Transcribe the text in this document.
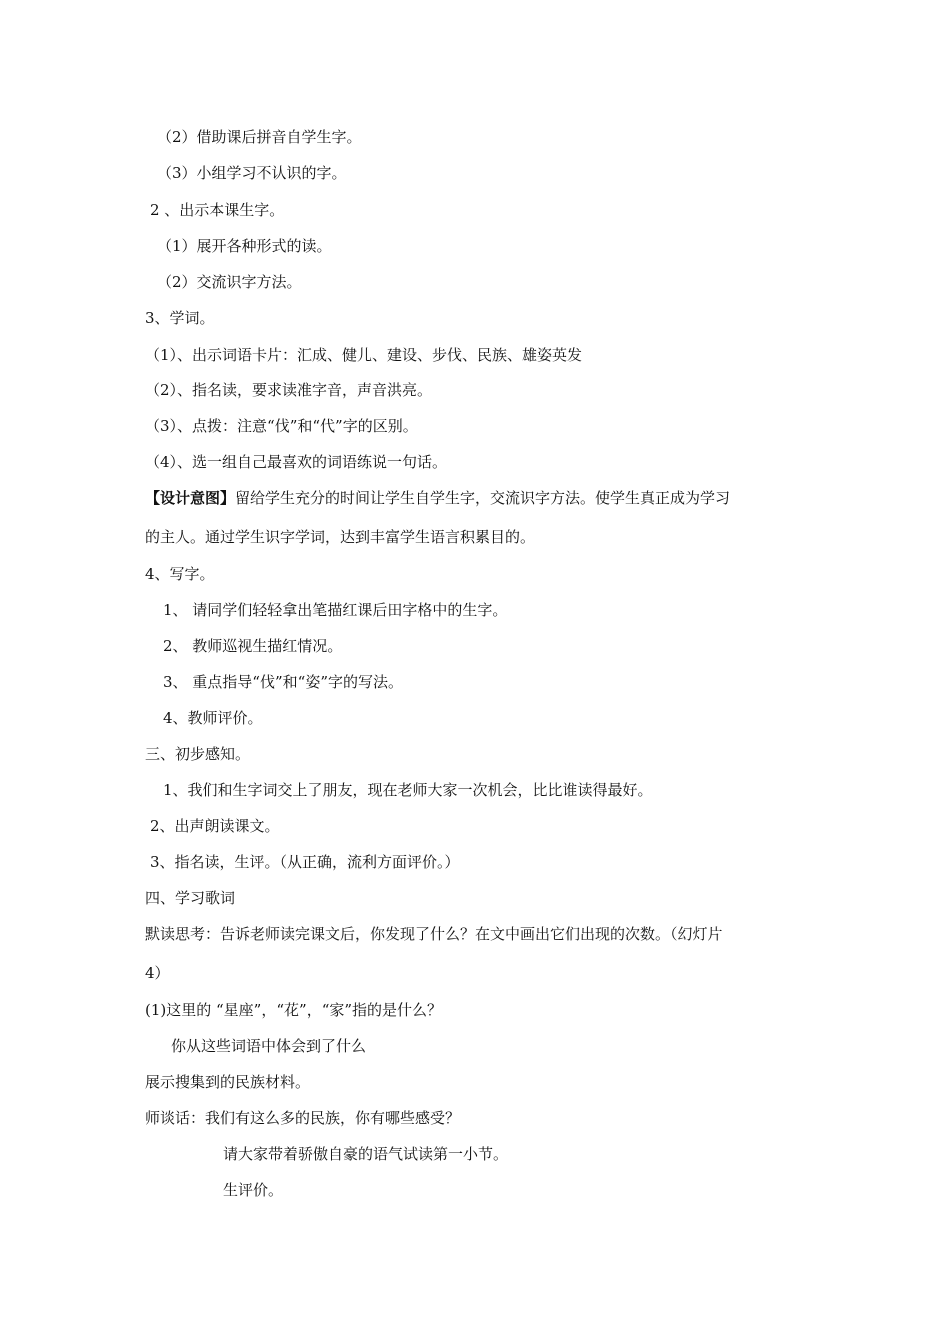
（2）借助课后拼音自学生字。
（3）小组学习不认识的字。
2 、出示本课生字。
（1）展开各种形式的读。
（2）交流识字方法。
3、学词。
（1）、出示词语卡片：汇成、健儿、建设、步伐、民族、雄姿英发
（2）、指名读，要求读准字音，声音洪亮。
（3）、点拨：注意“伐”和“代”字的区别。
（4）、选一组自己最喜欢的词语练说一句话。
【设计意图】留给学生充分的时间让学生自学生字，交流识字方法。使学生真正成为学习
的主人。通过学生识字学词，达到丰富学生语言积累目的。
4、写字。
1、 请同学们轻轻拿出笔描红课后田字格中的生字。
2、 教师巡视生描红情况。
3、 重点指导“伐”和“姿”字的写法。
4、教师评价。
三、初步感知。
1、我们和生字词交上了朋友，现在老师大家一次机会，比比谁读得最好。
2、出声朗读课文。
3、指名读，生评。（从正确，流利方面评价。）
四、学习歌词
默读思考：告诉老师读完课文后，你发现了什么？在文中画出它们出现的次数。（幻灯片
4）
(1)这里的 “星座”，“花”，“家”指的是什么？
你从这些词语中体会到了什么
展示搜集到的民族材料。
师谈话：我们有这么多的民族，你有哪些感受？
请大家带着骄傲自豪的语气试读第一小节。
生评价。
